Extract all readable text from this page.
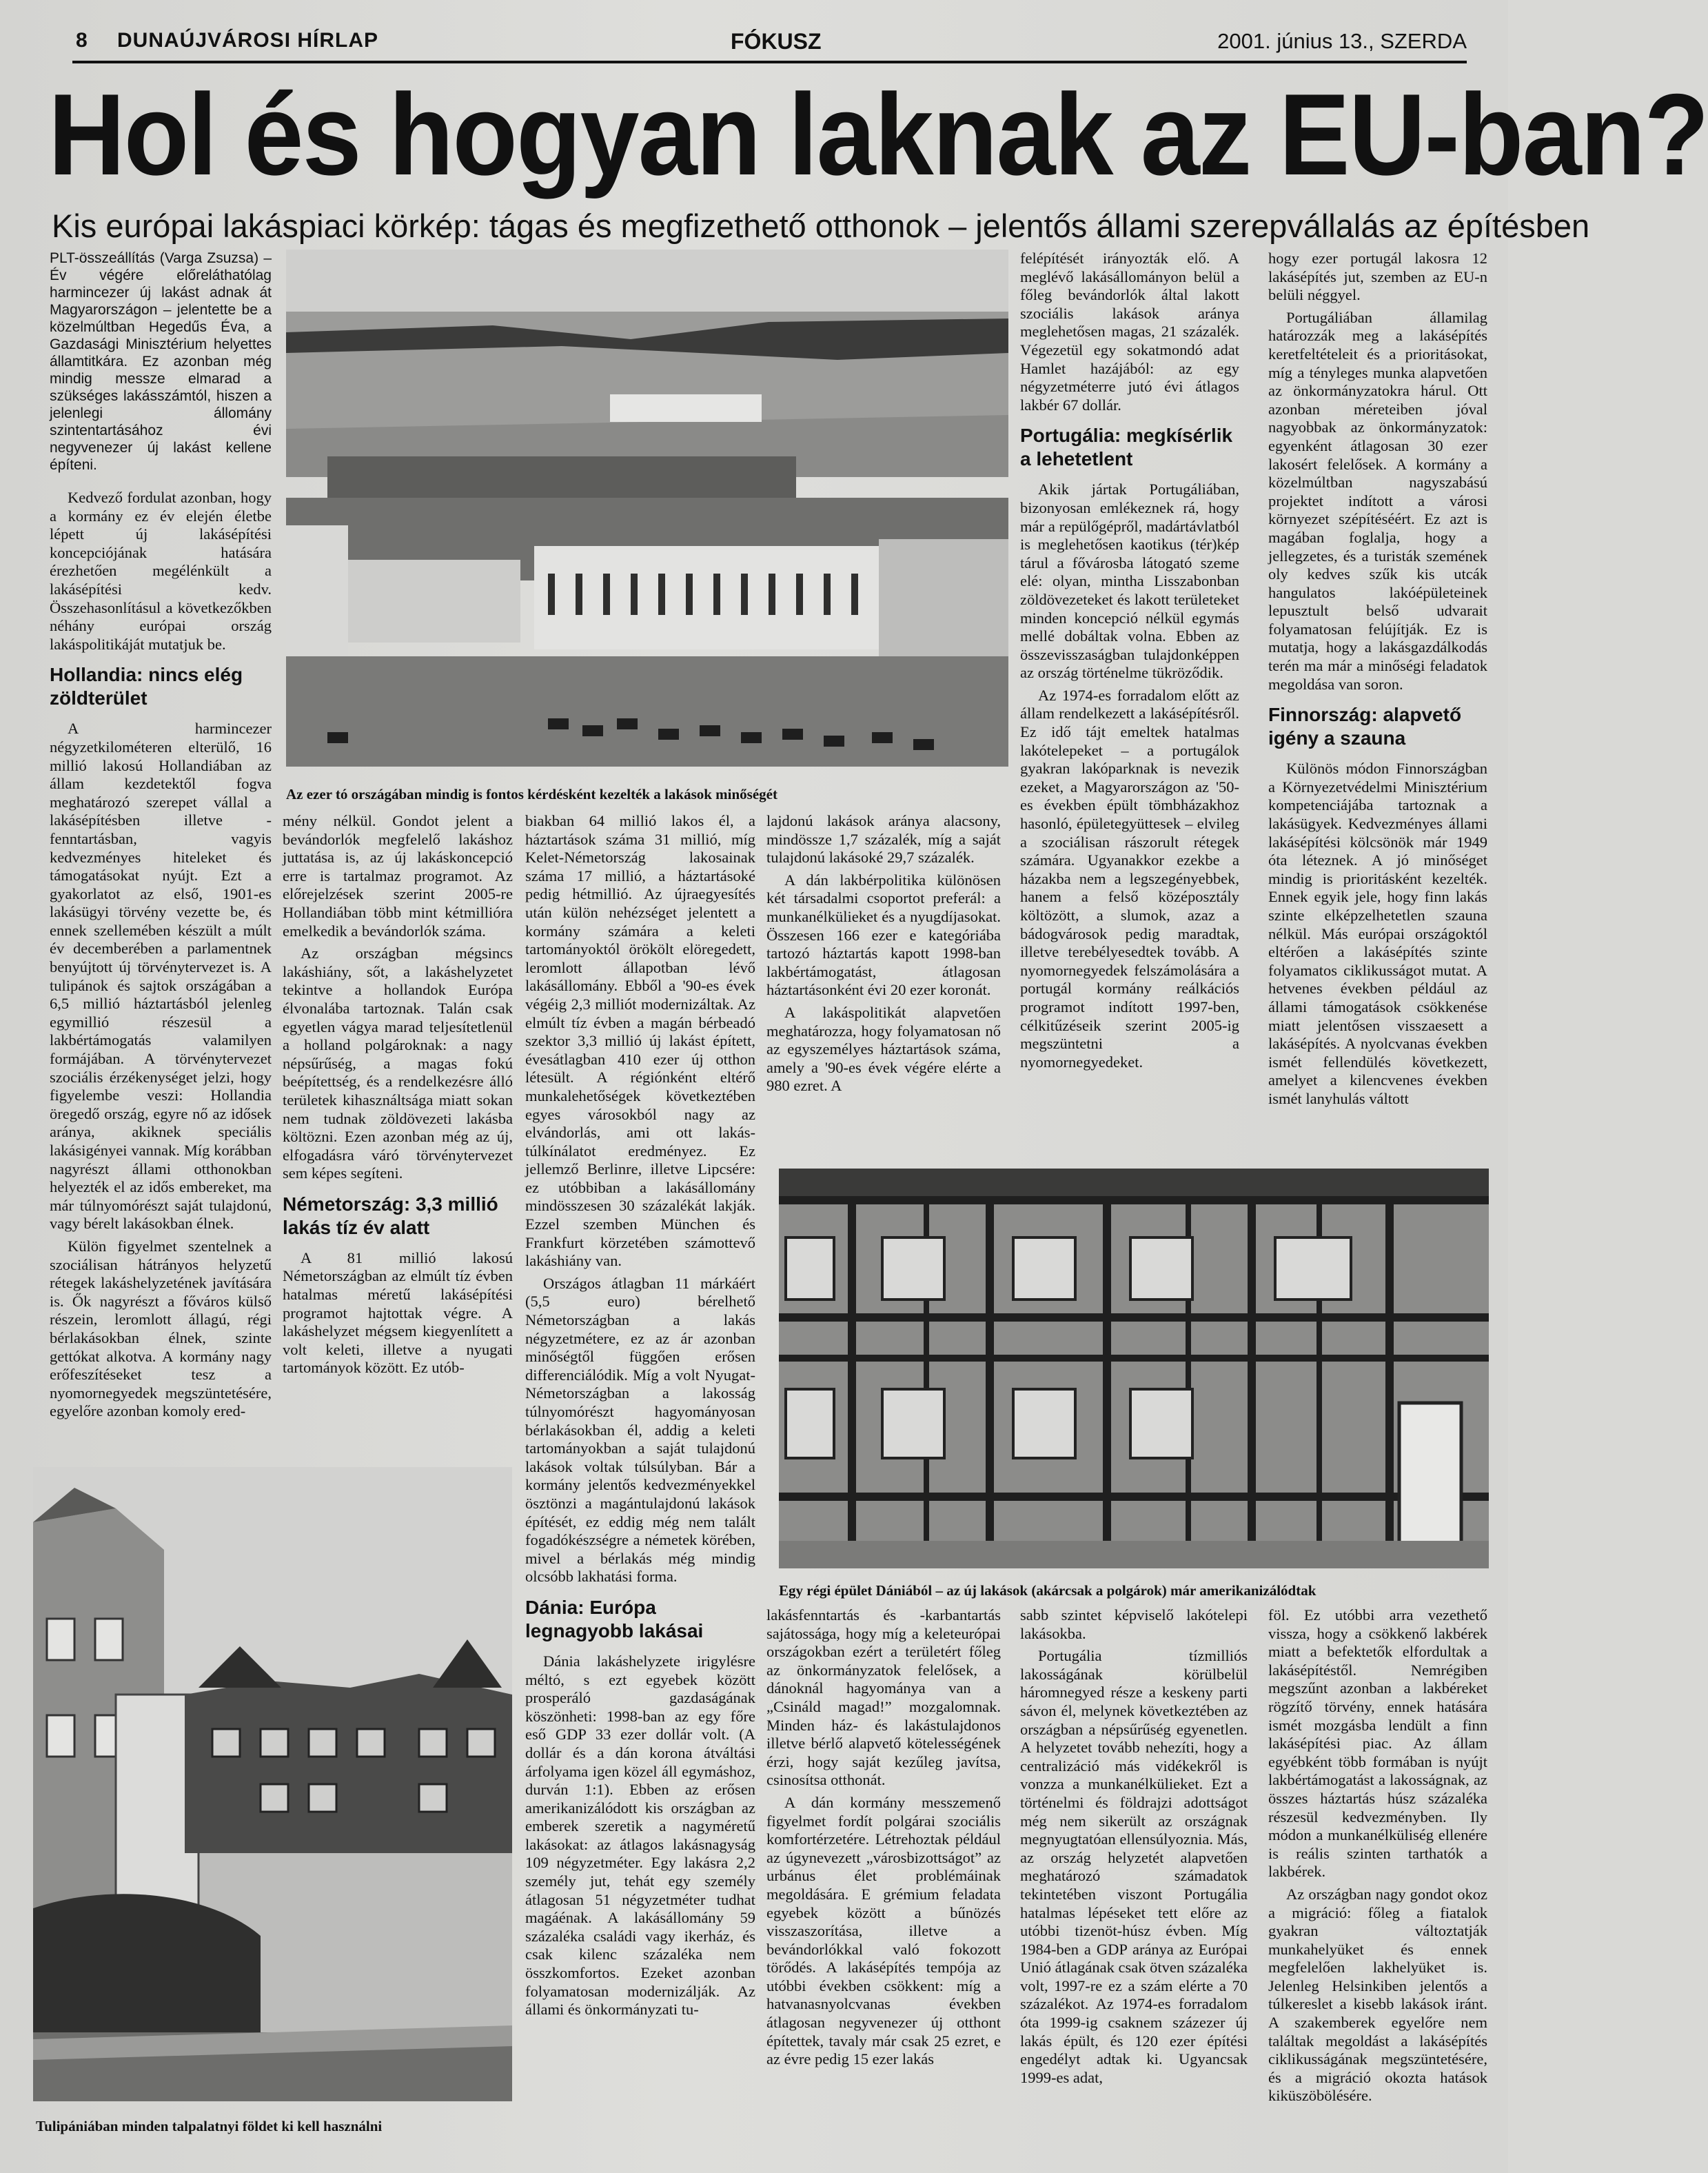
8 DUNAÚJVÁROSI HÍRLAP	FÓKUSZ	2001. június 13., SZERDA
Hol és hogyan laknak az EU-ban?
Kis európai lakáspiaci körkép: tágas és megfizethető otthonok – jelentős állami szerepvállalás az építésben

PLT-összeállítás (Varga Zsuzsa) – Év végére előreláthatólag harmincezer új lakást adnak át Magyarországon – jelentette be a közelmúltban Hegedűs Éva, a Gazdasági Minisztérium helyettes államtitkára. Ez azonban még mindig messze elmarad a szükséges lakásszámtól, hiszen a jelenlegi állomány szintentartásához évi negyvenezer új lakást kellene építeni.

Kedvező fordulat azonban, hogy a kormány ez év elején életbe lépett új lakásépítési koncepciójának hatására érezhetően megélénkült a lakásépítési kedv. Összehasonlításul a következőkben néhány európai ország lakáspolitikáját mutatjuk be.

Hollandia: nincs elég zöldterület

A harmincezer négyzetkilométeren elterülő, 16 millió lakosú Hollandiában az állam kezdetektől fogva meghatározó szerepet vállal a lakásépítésben illetve -fenntartásban, vagyis kedvezményes hiteleket és támogatásokat nyújt. Ezt a gyakorlatot az első, 1901-es lakásügyi törvény vezette be, és ennek szellemében készült a múlt év decemberében a parlamentnek benyújtott új törvénytervezet is. A tulipánok és sajtok országában a 6,5 millió háztartásból jelenleg egymillió részesül a lakbértámogatás valamilyen formájában. A törvénytervezet szociális érzékenységet jelzi, hogy figyelembe veszi: Hollandia öregedő ország, egyre nő az idősek aránya, akiknek speciális lakásigényei vannak. Míg korábban nagyrészt állami otthonokban helyezték el az idős embereket, ma már túlnyomórészt saját tulajdonú, vagy bérelt lakásokban élnek.

Külön figyelmet szentelnek a szociálisan hátrányos helyzetű rétegek lakáshelyzetének javítására is. Ők nagyrészt a főváros külső részein, leromlott állagú, régi bérlakásokban élnek, szinte gettókat alkotva. A kormány nagy erőfeszítéseket tesz a nyomornegyedek megszüntetésére, egyelőre azonban komoly ered-

Az ezer tó országában mindig is fontos kérdésként kezelték a lakások minőségét

felépítését irányozták elő. A meglévő lakásállományon belül a főleg bevándorlók által lakott szociális lakások aránya meglehetősen magas, 21 százalék. Végezetül egy sokatmondó adat Hamlet hazájából: az egy négyzetméterre jutó évi átlagos lakbér 67 dollár.

Portugália: megkísérlik a lehetetlent

Akik jártak Portugáliában, bizonyosan emlékeznek rá, hogy már a repülőgépről, madártávlatból is meglehetősen kaotikus (tér)kép tárul a fővárosba látogató szeme elé: olyan, mintha Lisszabonban zöldövezeteket és lakott területeket minden koncepció nélkül egymás mellé dobáltak volna. Ebben az összevisszaságban tulajdonképpen az ország történelme tükröződik.

Az 1974-es forradalom előtt az állam rendelkezett a lakásépítésről. Ez idő tájt emeltek hatalmas lakótelepeket – a portugálok gyakran lakóparknak is nevezik ezeket, a Magyarországon az '50-es években épült tömbházakhoz hasonló, épületegyüttesek – elvileg a szociálisan rászorult rétegek számára. Ugyanakkor ezekbe a házakba nem a legszegényebbek, hanem a felső középosztály költözött, a slumok, azaz a bádogvárosok pedig maradtak, illetve terebélyesedtek tovább. A nyomornegyedek felszámolására a portugál kormány reálkációs programot indított 1997-ben, célkitűzéseik szerint 2005-ig megszüntetni a nyomornegyedeket.

hogy ezer portugál lakosra 12 lakásépítés jut, szemben az EU-n belüli néggyel.

Portugáliában államilag határozzák meg a lakásépítés keretfeltételeit és a prioritásokat, míg a tényleges munka alapvetően az önkormányzatokra hárul. Ott azonban méreteiben jóval nagyobbak az önkormányzatok: egyenként átlagosan 30 ezer lakosért felelősek. A kormány a közelmúltban nagyszabású projektet indított a városi környezet szépítéséért. Ez azt is magában foglalja, hogy a jellegzetes, és a turisták szemének oly kedves szűk kis utcák hangulatos lakóépületeinek lepusztult belső udvarait folyamatosan felújítják. Ez is mutatja, hogy a lakásgazdálkodás terén ma már a minőségi feladatok megoldása van soron.

Finnország: alapvető igény a szauna

Különös módon Finnországban a Környezetvédelmi Minisztérium kompetenciájába tartoznak a lakásügyek. Kedvezményes állami lakásépítési kölcsönök már 1949 óta léteznek. A jó minőséget mindig is prioritásként kezelték. Ennek egyik jele, hogy finn lakás szinte elképzelhetetlen szauna nélkül. Más európai országoktól eltérően a lakásépítés szinte folyamatos ciklikusságot mutat. A hetvenes években például az állami támogatások csökkenése miatt jelentősen visszaesett a lakásépítés. A nyolcvanas években ismét fellendülés következett, amelyet a kilencvenes években ismét lanyhulás váltott

mény nélkül. Gondot jelent a bevándorlók megfelelő lakáshoz juttatása is, az új lakáskoncepció erre is tartalmaz programot. Az előrejelzések szerint 2005-re Hollandiában több mint kétmillióra emelkedik a bevándorlók száma.

Az országban mégsincs lakáshiány, sőt, a lakáshelyzetet tekintve a hollandok Európa élvonalába tartoznak. Talán csak egyetlen vágya marad teljesítetlenül a holland polgároknak: a nagy népsűrűség, a magas fokú beépítettség, és a rendelkezésre álló területek kihasználtsága miatt sokan nem tudnak zöldövezeti lakásba költözni. Ezen azonban még az új, elfogadásra váró törvénytervezet sem képes segíteni.

Németország: 3,3 millió lakás tíz év alatt

A 81 millió lakosú Németországban az elmúlt tíz évben hatalmas méretű lakásépítési programot hajtottak végre. A lakáshelyzet mégsem kiegyenlített a volt keleti, illetve a nyugati tartományok között. Ez utób-

biakban 64 millió lakos él, a háztartások száma 31 millió, míg Kelet-Németország lakosainak száma 17 millió, a háztartásoké pedig hétmillió. Az újraegyesítés után külön nehézséget jelentett a kormány számára a keleti tartományoktól örökölt elöregedett, leromlott állapotban lévő lakásállomány. Ebből a '90-es évek végéig 2,3 milliót modernizáltak. Az elmúlt tíz évben a magán bérbeadó szektor 3,3 millió új lakást épített, évesátlagban 410 ezer új otthon létesült. A régiónként eltérő munkalehetőségek következtében egyes városokból nagy az elvándorlás, ami ott lakás-túlkínálatot eredményez. Ez jellemző Berlinre, illetve Lipcsére: ez utóbbiban a lakásállomány mindösszesen 30 százalékát lakják. Ezzel szemben München és Frankfurt körzetében számottevő lakáshiány van.

Országos átlagban 11 márkáért (5,5 euro) bérelhető Németországban a lakás négyzetmétere, ez az ár azonban minőségtől függően erősen differenciálódik. Míg a volt Nyugat-Németországban a lakosság túlnyomórészt hagyományosan bérlakásokban él, addig a keleti tartományokban a saját tulajdonú lakások voltak túlsúlyban. Bár a kormány jelentős kedvezményekkel ösztönzi a magántulajdonú lakások építését, ez eddig még nem talált fogadókészségre a németek körében, mivel a bérlakás még mindig olcsóbb lakhatási forma.

Dánia: Európa legnagyobb lakásai

Dánia lakáshelyzete irigylésre méltó, s ezt egyebek között prosperáló gazdaságának köszönheti: 1998-ban az egy főre eső GDP 33 ezer dollár volt. (A dollár és a dán korona átváltási árfolyama igen közel áll egymáshoz, durván 1:1). Ebben az erősen amerikanizálódott kis országban az emberek szeretik a nagyméretű lakásokat: az átlagos lakásnagyság 109 négyzetméter. Egy lakásra 2,2 személy jut, tehát egy személy átlagosan 51 négyzetméter tudhat magáénak. A lakásállomány 59 százaléka családi vagy ikerház, és csak kilenc százaléka nem összkomfortos. Ezeket azonban folyamatosan modernizálják. Az állami és önkormányzati tu-

lajdonú lakások aránya alacsony, mindössze 1,7 százalék, míg a saját tulajdonú lakásoké 29,7 százalék.

A dán lakbérpolitika különösen két társadalmi csoportot preferál: a munkanélkülieket és a nyugdíjasokat. Összesen 166 ezer e kategóriába tartozó háztartás kapott 1998-ban lakbértámogatást, átlagosan háztartásonként évi 20 ezer koronát.

A lakáspolitikát alapvetően meghatározza, hogy folyamatosan nő az egyszemélyes háztartások száma, amely a '90-es évek végére elérte a 980 ezret. A

Egy régi épület Dániából – az új lakások (akárcsak a polgárok) már amerikanizálódtak

lakásfenntartás és -karbantartás sajátossága, hogy míg a keleteurópai országokban ezért a területért főleg az önkormányzatok felelősek, a dánoknál hagyománya van a „Csináld magad!” mozgalomnak. Minden ház- és lakástulajdonos illetve bérlő alapvető kötelességének érzi, hogy saját kezűleg javítsa, csinosítsa otthonát.

A dán kormány messzemenő figyelmet fordít polgárai szociális komfortérzetére. Létrehoztak például az úgynevezett „városbizottságot” az urbánus élet problémáinak megoldására. E grémium feladata egyebek között a bűnözés visszaszorítása, illetve a bevándorlókkal való fokozott törődés. A lakásépítés tempója az utóbbi években csökkent: míg a hatvanasnyolcvanas években átlagosan negyvenezer új otthont építettek, tavaly már csak 25 ezret, e az évre pedig 15 ezer lakás

sabb szintet képviselő lakótelepi lakásokba.

Portugália tízmilliós lakosságának körülbelül háromnegyed része a keskeny parti sávon él, melynek következtében az országban a népsűrűség egyenetlen. A helyzetet tovább nehezíti, hogy a centralizáció más vidékekről is vonzza a munkanélkülieket. Ezt a történelmi és földrajzi adottságot még nem sikerült az országnak megnyugtatóan ellensúlyoznia. Más, az ország helyzetét alapvetően meghatározó számadatok tekintetében viszont Portugália hatalmas lépéseket tett előre az utóbbi tizenöt-húsz évben. Míg 1984-ben a GDP aránya az Európai Unió átlagának csak ötven százaléka volt, 1997-re ez a szám elérte a 70 százalékot. Az 1974-es forradalom óta 1999-ig csaknem százezer új lakás épült, és 120 ezer építési engedélyt adtak ki. Ugyancsak 1999-es adat,

föl. Ez utóbbi arra vezethető vissza, hogy a csökkenő lakbérek miatt a befektetők elfordultak a lakásépítéstől. Nemrégiben megszűnt azonban a lakbéreket rögzítő törvény, ennek hatására ismét mozgásba lendült a finn lakásépítési piac. Az állam egyébként több formában is nyújt lakbértámogatást a lakosságnak, az összes háztartás húsz százaléka részesül kedvezményben. Ily módon a munkanélküliség ellenére is reális szinten tarthatók a lakbérek.

Az országban nagy gondot okoz a migráció: főleg a fiatalok gyakran változtatják munkahelyüket és ennek megfelelően lakhelyüket is. Jelenleg Helsinkiben jelentős a túlkereslet a kisebb lakások iránt. A szakemberek egyelőre nem találtak megoldást a lakásépítés ciklikusságának megszüntetésére, és a migráció okozta hatások kiküszöbölésére.

Tulipániában minden talpalatnyi földet ki kell használni
